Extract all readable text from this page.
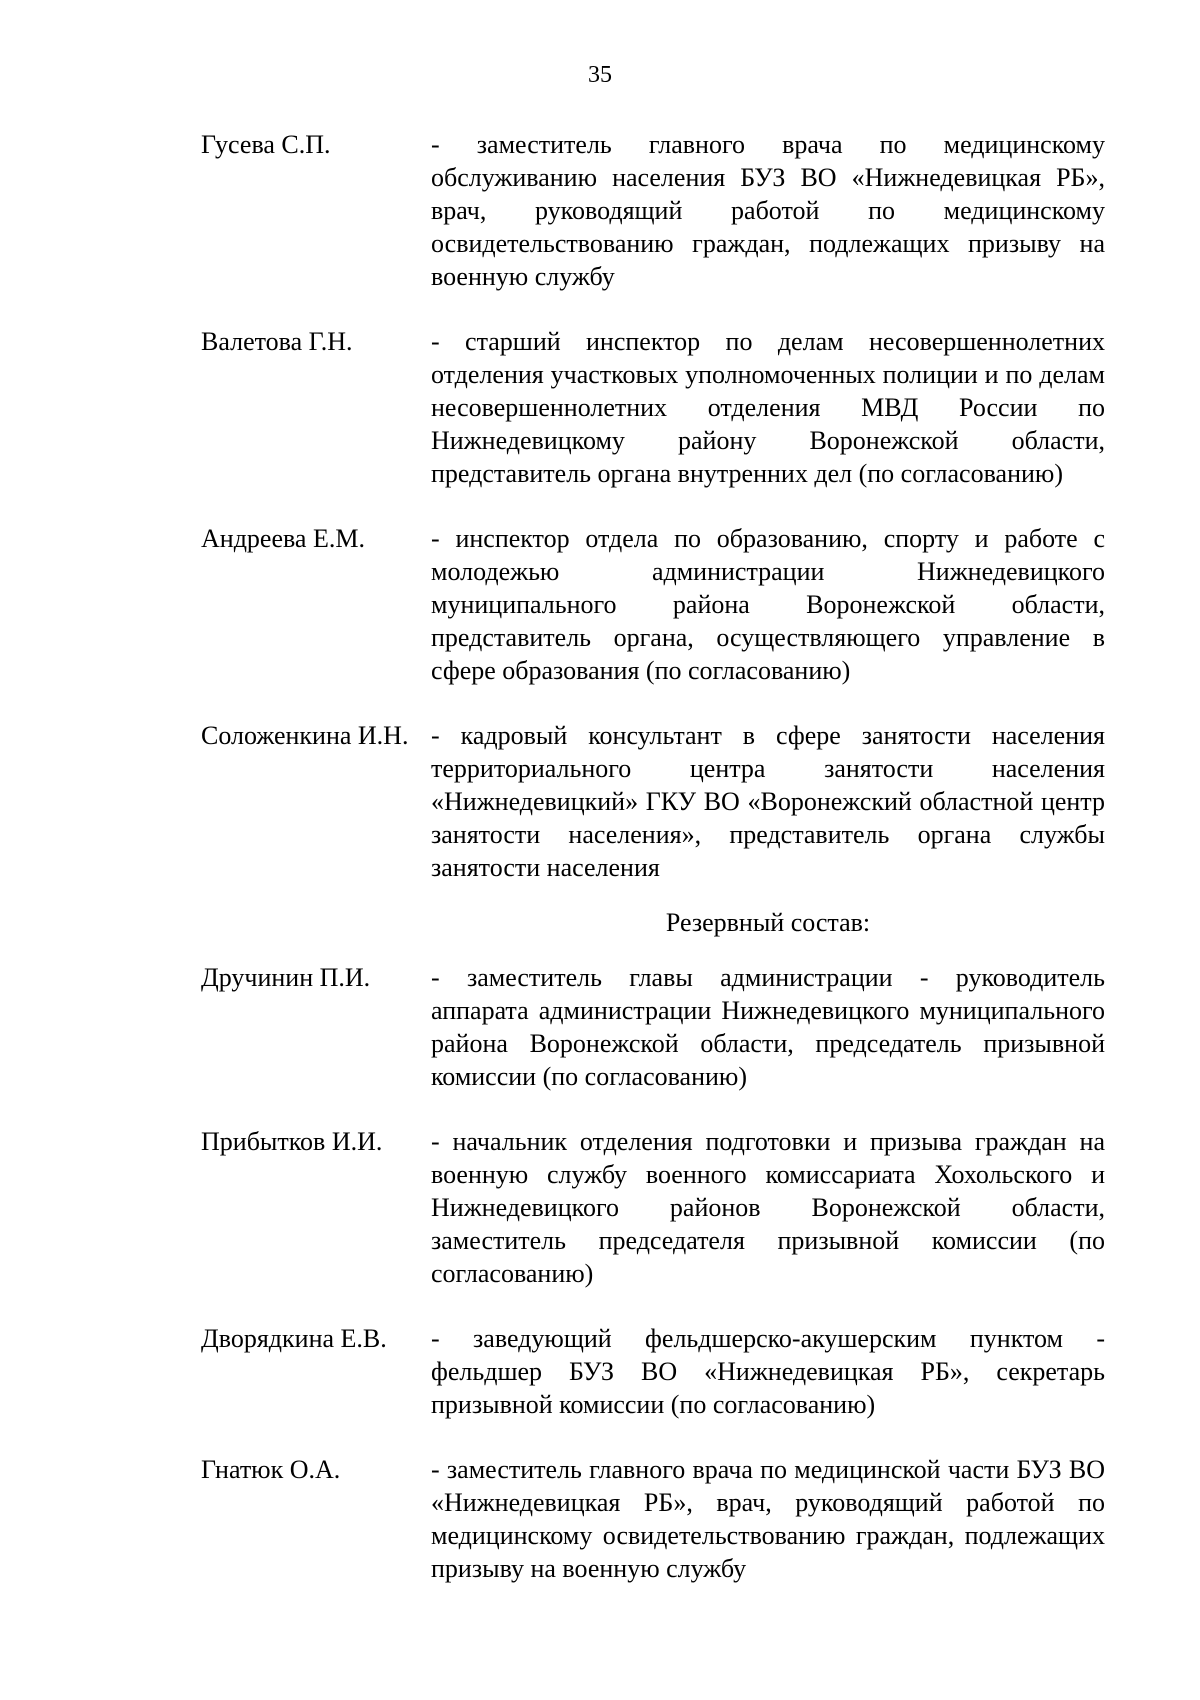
35
Гусева С.П.	- заместитель главного врача по медицинскому обслуживанию населения БУЗ ВО «Нижнедевицкая РБ», врач, руководящий работой по медицинскому освидетельствованию граждан, подлежащих призыву на военную службу
Валетова Г.Н.	- старший инспектор по делам несовершеннолетних отделения участковых уполномоченных полиции и по делам несовершеннолетних отделения МВД России по Нижнедевицкому району Воронежской области, представитель органа внутренних дел (по согласованию)
Андреева Е.М.	- инспектор отдела по образованию, спорту и работе с молодежью администрации Нижнедевицкого муниципального района Воронежской области, представитель органа, осуществляющего управление в сфере образования (по согласованию)
Соложенкина И.Н. - кадровый консультант в сфере занятости населения территориального центра занятости населения «Нижнедевицкий» ГКУ ВО «Воронежский областной центр занятости населения», представитель органа службы занятости населения
Резервный состав:
Дручинин П.И.	- заместитель главы администрации - руководитель аппарата администрации Нижнедевицкого муниципального района Воронежской области, председатель призывной комиссии (по согласованию)
Прибытков И.И.	- начальник отделения подготовки и призыва граждан на военную службу военного комиссариата Хохольского и Нижнедевицкого районов Воронежской области, заместитель председателя призывной комиссии (по согласованию)
Дворядкина Е.В.	- заведующий фельдшерско-акушерским пунктом - фельдшер БУЗ ВО «Нижнедевицкая РБ», секретарь призывной комиссии (по согласованию)
Гнатюк О.А.	- заместитель главного врача по медицинской части БУЗ ВО «Нижнедевицкая РБ», врач, руководящий работой по медицинскому освидетельствованию граждан, подлежащих призыву на военную службу
